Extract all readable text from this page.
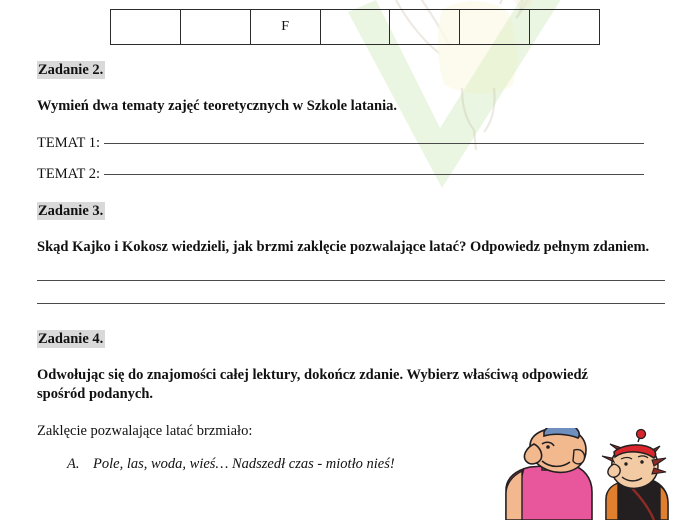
		F				
Zadanie 2.
Wymień dwa tematy zajęć teoretycznych w Szkole latania.
TEMAT 1:
TEMAT 2:
Zadanie 3.
Skąd Kajko i Kokosz wiedzieli, jak brzmi zaklęcie pozwalające latać? Odpowiedz pełnym zdaniem.
Zadanie 4.
Odwołując się do znajomości całej lektury, dokończ zdanie. Wybierz właściwą odpowiedź spośród podanych.
Zaklęcie pozwalające latać brzmiało:
A. Pole, las, woda, wieś… Nadszedł czas - miotło nieś!
